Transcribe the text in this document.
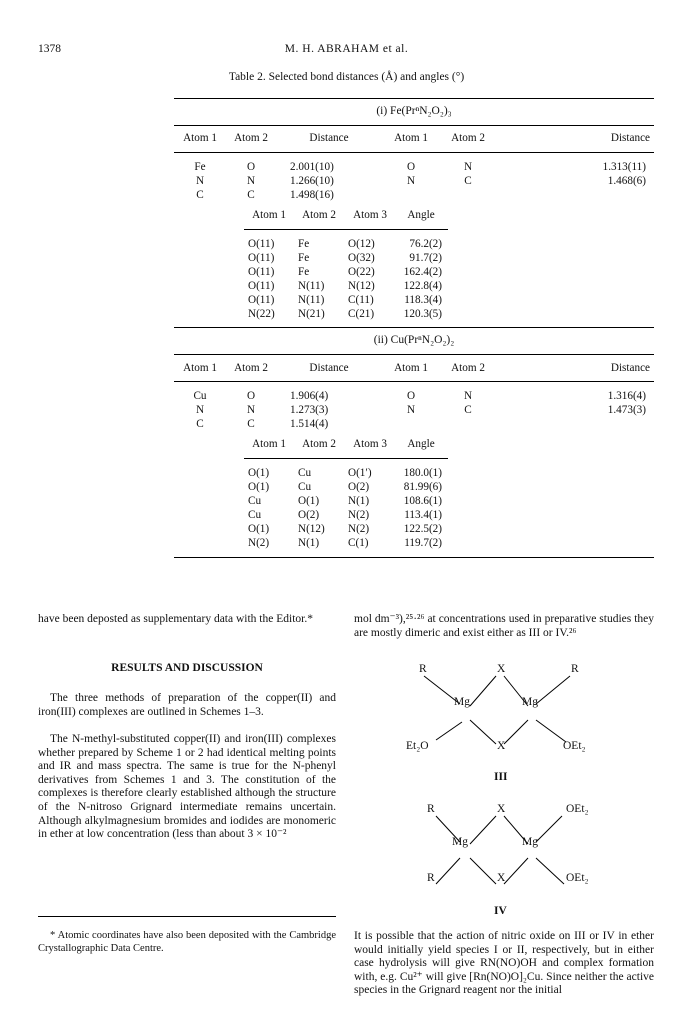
1378	M. H. ABRAHAM et al.
Table 2. Selected bond distances (Å) and angles (°)
(i) Fe(PrⁿN₂O₂)₃
Atom 1	Atom 2	Distance	Atom 1	Atom 2	Distance
Fe	O	2.001(10)	O	N	1.313(11)
N	N	1.266(10)	N	C	1.468(6)
C	C	1.498(16)
Atom 1	Atom 2	Atom 3	Angle
O(11)	Fe	O(12)	76.2(2)
O(11)	Fe	O(32)	91.7(2)
O(11)	Fe	O(22)	162.4(2)
O(11)	N(11)	N(12)	122.8(4)
O(11)	N(11)	C(11)	118.3(4)
N(22)	N(21)	C(21)	120.3(5)
(ii) Cu(PrⁿN₂O₂)₂
Atom 1	Atom 2	Distance	Atom 1	Atom 2	Distance
Cu	O	1.906(4)	O	N	1.316(4)
N	N	1.273(3)	N	C	1.473(3)
C	C	1.514(4)
Atom 1	Atom 2	Atom 3	Angle
O(1)	Cu	O(1′)	180.0(1)
O(1)	Cu	O(2)	81.99(6)
Cu	O(1)	N(1)	108.6(1)
Cu	O(2)	N(2)	113.4(1)
O(1)	N(12)	N(2)	122.5(2)
N(2)	N(1)	C(1)	119.7(2)
have been deposted as supplementary data with the Editor.*
RESULTS AND DISCUSSION
The three methods of preparation of the copper(II) and iron(III) complexes are outlined in Schemes 1–3.
The N-methyl-substituted copper(II) and iron(III) complexes whether prepared by Scheme 1 or 2 had identical melting points and IR and mass spectra. The same is true for the N-phenyl derivatives from Schemes 1 and 3. The constitution of the complexes is therefore clearly established although the structure of the N-nitroso Grignard intermediate remains uncertain. Although alkylmagnesium bromides and iodides are monomeric in ether at low concentration (less than about 3 × 10⁻²
* Atomic coordinates have also been deposited with the Cambridge Crystallographic Data Centre.
mol dm⁻³),²⁵·²⁶ at concentrations used in preparative studies they are mostly dimeric and exist either as III or IV.²⁶
R	X	R
Mg	Mg
Et₂O	X	OEt₂
III
R	X	OEt₂
Mg	Mg
R	X	OEt₂
IV
It is possible that the action of nitric oxide on III or IV in ether would initially yield species I or II, respectively, but in either case hydrolysis will give RN(NO)OH and complex formation with, e.g. Cu²⁺ will give [Rn(NO)O]₂Cu. Since neither the active species in the Grignard reagent nor the initial
